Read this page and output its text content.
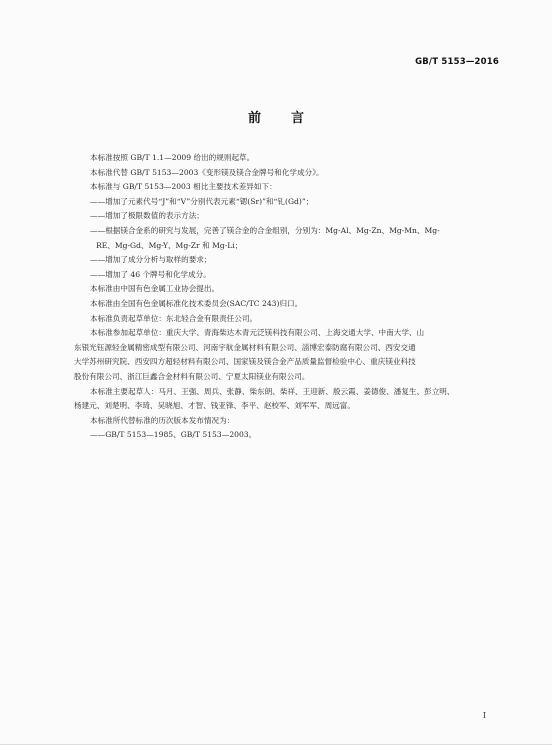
GB/T 5153—2016
前 言

本标准按照 GB/T 1.1—2009 给出的规则起草。

本标准代替 GB/T 5153—2003《变形镁及镁合金牌号和化学成分》。

本标准与 GB/T 5153—2003 相比主要技术差异如下：

——增加了元素代号“J”和“V”分别代表元素“锶(Sr)”和“钆(Gd)”；

——增加了极限数值的表示方法；

——根据镁合金系的研究与发展，完善了镁合金的合金组别，分别为：Mg-Al、Mg-Zn、Mg-Mn、Mg-

RE、Mg-Gd、Mg-Y、Mg-Zr 和 Mg-Li；

——增加了成分分析与取样的要求；

——增加了 46 个牌号和化学成分。

本标准由中国有色金属工业协会提出。

本标准由全国有色金属标准化技术委员会(SAC/TC 243)归口。

本标准负责起草单位：东北轻合金有限责任公司。

本标准参加起草单位：重庆大学、青海柴达木青元泛镁科技有限公司、上海交通大学、中南大学、山

东银光钰源轻金属精密成型有限公司、河南宇航金属材料有限公司、淄博宏泰防腐有限公司、西安交通

大学苏州研究院、西安四方超轻材料有限公司、国家镁及镁合金产品质量监督检验中心、重庆镁业科技

股份有限公司、浙江巨鑫合金材料有限公司、宁夏太阳镁业有限公司。

本标准主要起草人：马月、王强、周兵、张静、柴东朗、柴祥、王迎新、殷云霞、姜德俊、潘复生、彭立明、

杨建元、刘楚明、李琦、吴晓旭、才智、钱亚锋、李平、赵校军、刘军军、周远富。

本标准所代替标准的历次版本发布情况为：

——GB/T 5153—1985、GB/T 5153—2003。

I
